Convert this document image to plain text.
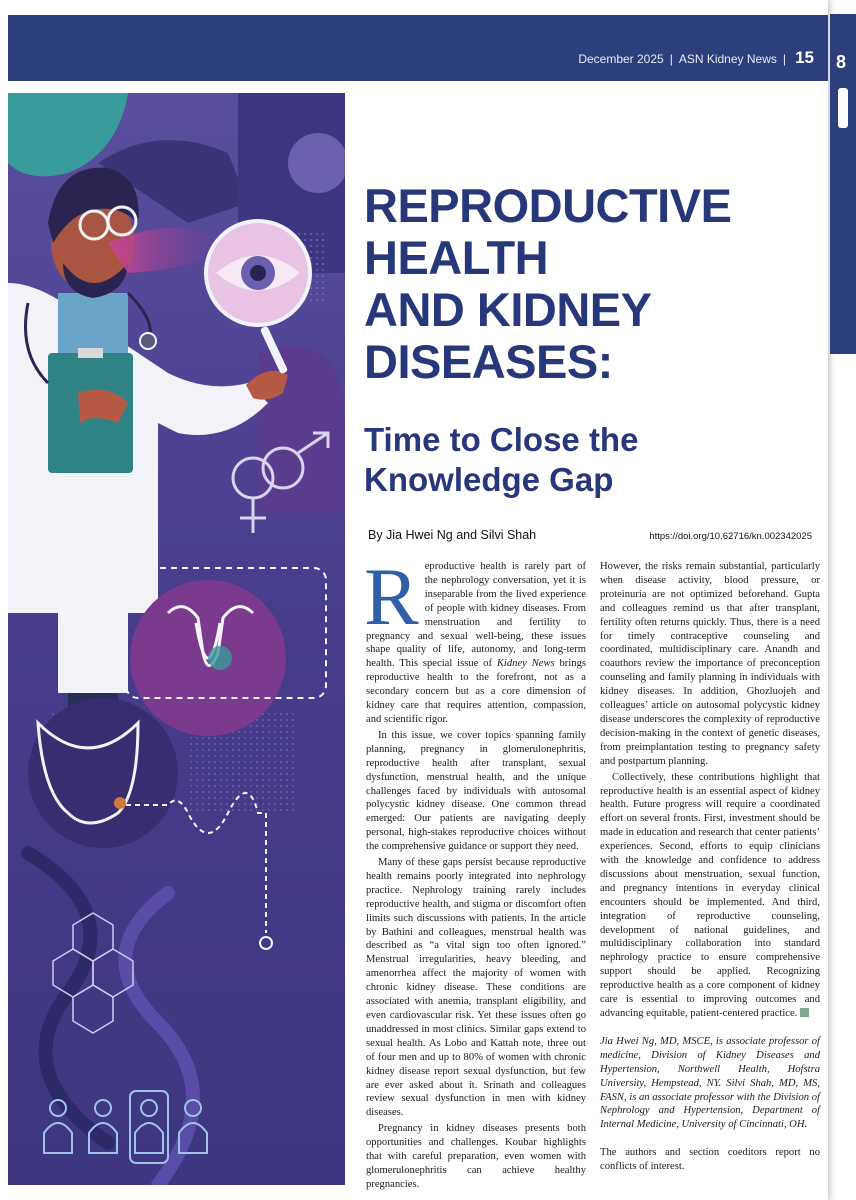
December 2025 | ASN Kidney News | 15 8
REPRODUCTIVE
HEALTH
AND KIDNEY
DISEASES:
Time to Close the
Knowledge Gap
By Jia Hwei Ng and Silvi Shah	https://doi.org/10.62716/kn.002342025

Reproductive health is rarely part of the nephrology conversation, yet it is inseparable from the lived experience of people with kidney diseases. From menstruation and fertility to pregnancy and sexual well-being, these issues shape quality of life, autonomy, and long-term health. This special issue of Kidney News brings reproductive health to the forefront, not as a secondary concern but as a core dimension of kidney care that requires attention, compassion, and scientific rigor.

In this issue, we cover topics spanning family planning, pregnancy in glomerulonephritis, reproductive health after transplant, sexual dysfunction, menstrual health, and the unique challenges faced by individuals with autosomal polycystic kidney disease. One common thread emerged: Our patients are navigating deeply personal, high-stakes reproductive choices without the comprehensive guidance or support they need.

Many of these gaps persist because reproductive health remains poorly integrated into nephrology practice. Nephrology training rarely includes reproductive health, and stigma or discomfort often limits such discussions with patients. In the article by Bathini and colleagues, menstrual health was described as “a vital sign too often ignored.” Menstrual irregularities, heavy bleeding, and amenorrhea affect the majority of women with chronic kidney disease. These conditions are associated with anemia, transplant eligibility, and even cardiovascular risk. Yet these issues often go unaddressed in most clinics. Similar gaps extend to sexual health. As Lobo and Kattah note, three out of four men and up to 80% of women with chronic kidney disease report sexual dysfunction, but few are ever asked about it. Srinath and colleagues review sexual dysfunction in men with kidney diseases.

Pregnancy in kidney diseases presents both opportunities and challenges. Koubar highlights that with careful preparation, even women with glomerulonephritis can achieve healthy pregnancies.

However, the risks remain substantial, particularly when disease activity, blood pressure, or proteinuria are not optimized beforehand. Gupta and colleagues remind us that after transplant, fertility often returns quickly. Thus, there is a need for timely contraceptive counseling and coordinated, multidisciplinary care. Anandh and coauthors review the importance of preconception counseling and family planning in individuals with kidney diseases. In addition, Ghozluojeh and colleagues’ article on autosomal polycystic kidney disease underscores the complexity of reproductive decision-making in the context of genetic diseases, from preimplantation testing to pregnancy safety and postpartum planning.

Collectively, these contributions highlight that reproductive health is an essential aspect of kidney health. Future progress will require a coordinated effort on several fronts. First, investment should be made in education and research that center patients’ experiences. Second, efforts to equip clinicians with the knowledge and confidence to address discussions about menstruation, sexual function, and pregnancy intentions in everyday clinical encounters should be implemented. And third, integration of reproductive counseling, development of national guidelines, and multidisciplinary collaboration into standard nephrology practice to ensure comprehensive support should be applied. Recognizing reproductive health as a core component of kidney care is essential to improving outcomes and advancing equitable, patient-centered practice.

Jia Hwei Ng, MD, MSCE, is associate professor of medicine, Division of Kidney Diseases and Hypertension, Northwell Health, Hofstra University, Hempstead, NY. Silvi Shah, MD, MS, FASN, is an associate professor with the Division of Nephrology and Hypertension, Department of Internal Medicine, University of Cincinnati, OH.

The authors and section coeditors report no conflicts of interest.
